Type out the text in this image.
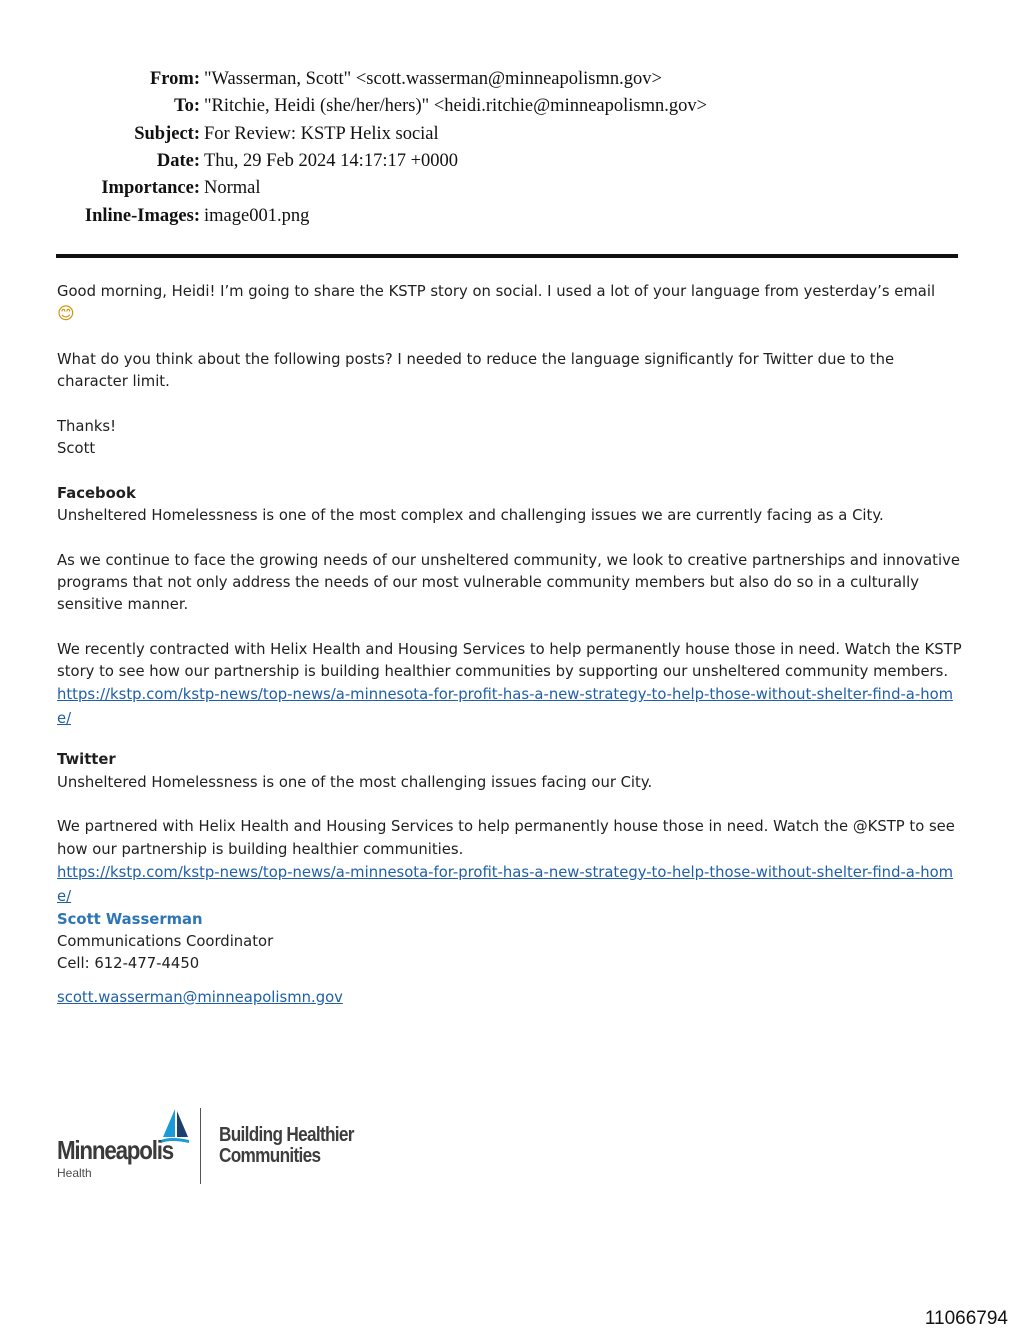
From:	"Wasserman, Scott" <scott.wasserman@minneapolismn.gov>
To:	"Ritchie, Heidi (she/her/hers)" <heidi.ritchie@minneapolismn.gov>
Subject:	For Review: KSTP Helix social
Date:	Thu, 29 Feb 2024 14:17:17 +0000
Importance:	Normal
Inline-Images:	image001.png

Good morning, Heidi! I’m going to share the KSTP story on social. I used a lot of your language from yesterday’s email
😊

What do you think about the following posts? I needed to reduce the language significantly for Twitter due to the character limit.

Thanks!

Scott

Facebook

Unsheltered Homelessness is one of the most complex and challenging issues we are currently facing as a City.

As we continue to face the growing needs of our unsheltered community, we look to creative partnerships and innovative programs that not only address the needs of our most vulnerable community members but also do so in a culturally sensitive manner.

We recently contracted with Helix Health and Housing Services to help permanently house those in need. Watch the KSTP story to see how our partnership is building healthier communities by supporting our unsheltered community members.

https://kstp.com/kstp-news/top-news/a-minnesota-for-profit-has-a-new-strategy-to-help-those-without-shelter-find-a-home/

Twitter

Unsheltered Homelessness is one of the most challenging issues facing our City.

We partnered with Helix Health and Housing Services to help permanently house those in need. Watch the @KSTP to see how our partnership is building healthier communities.

https://kstp.com/kstp-news/top-news/a-minnesota-for-profit-has-a-new-strategy-to-help-those-without-shelter-find-a-home/

Scott Wasserman

Communications Coordinator

Cell: 612-477-4450

scott.wasserman@minneapolismn.gov
Minneapolis
Health
Building Healthier
Communities
11066794
